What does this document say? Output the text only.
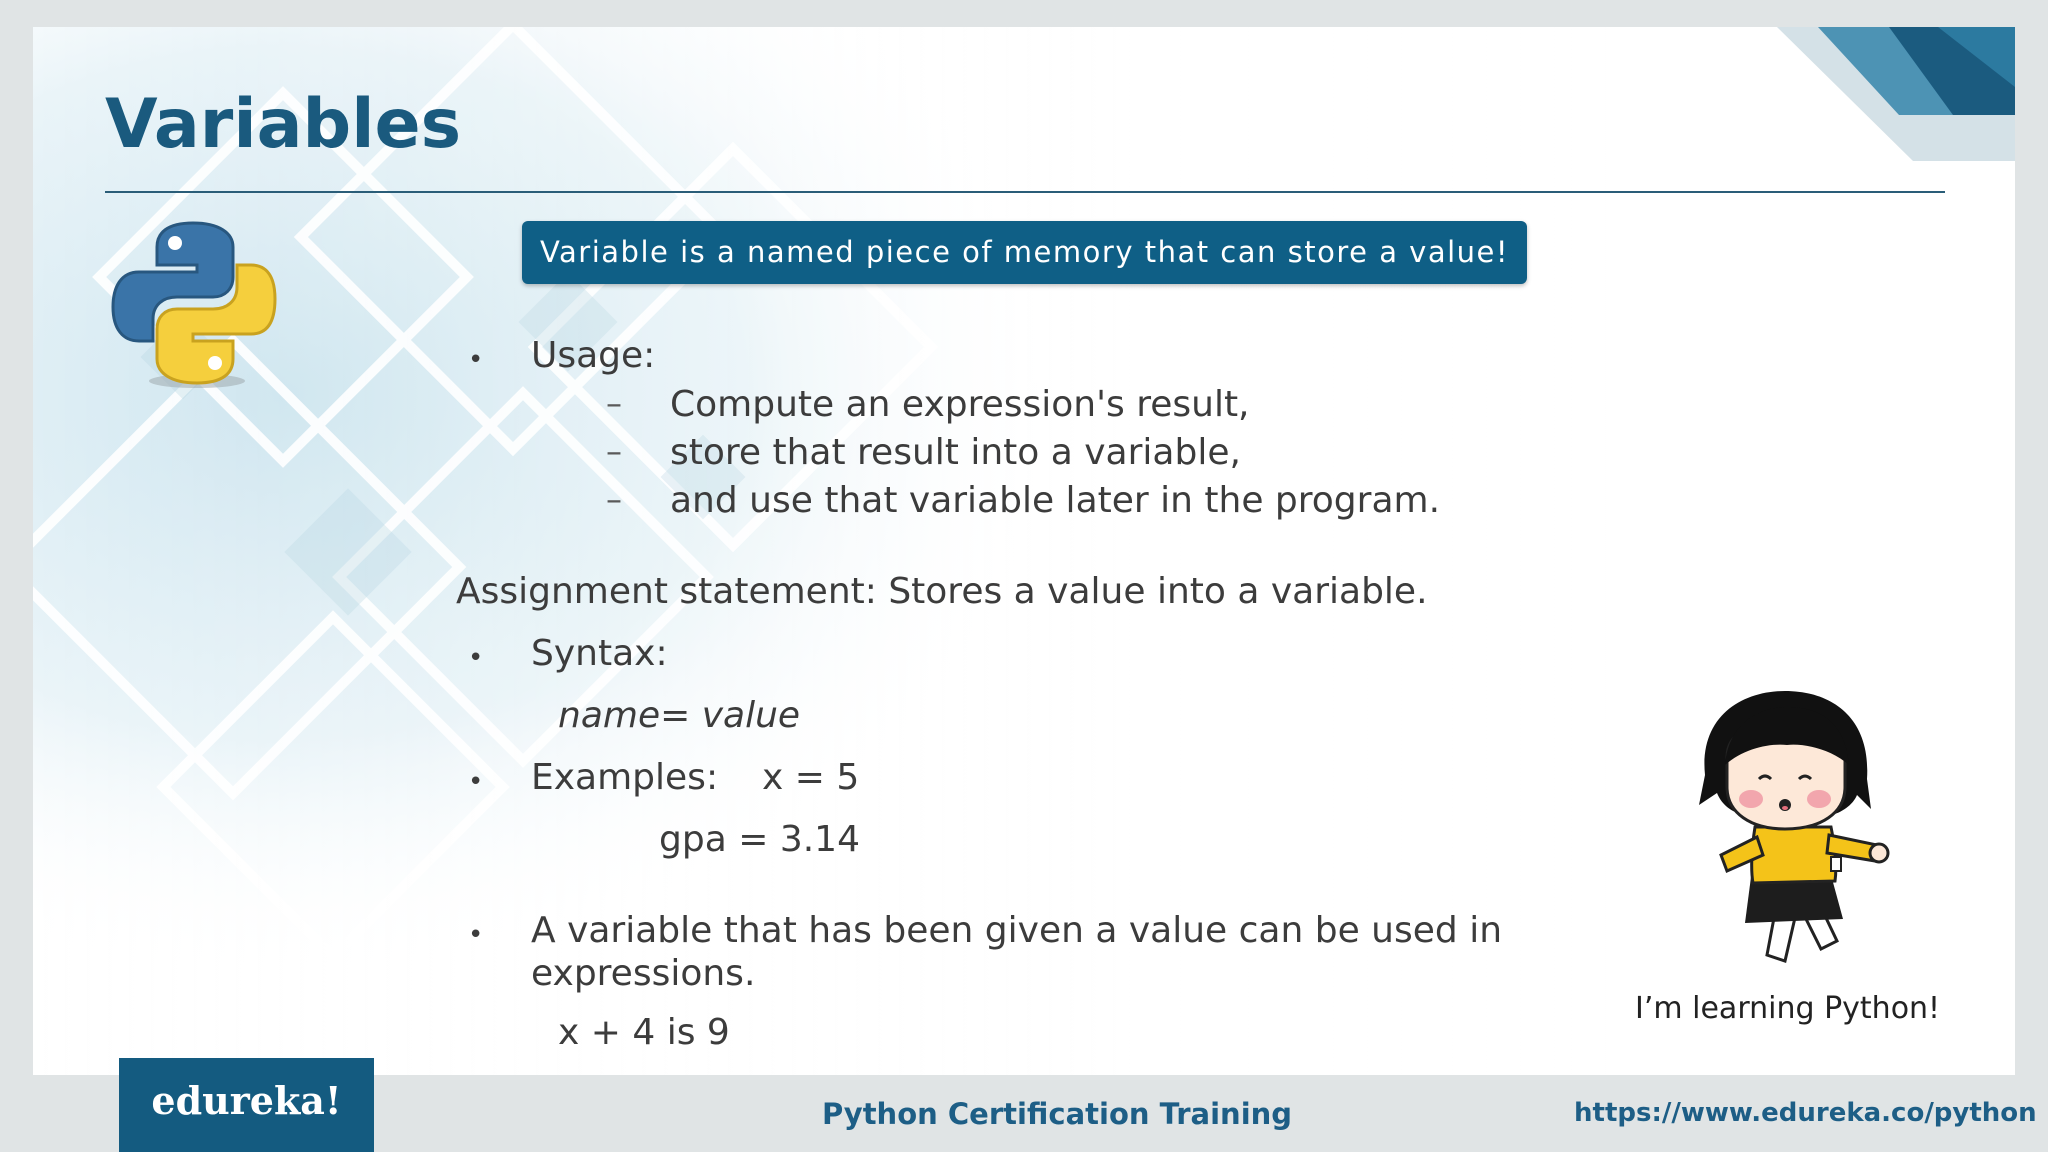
Variables
Variable is a named piece of memory that can store a value!
• Usage:
– Compute an expression's result,
– store that result into a variable,
– and use that variable later in the program.
Assignment statement: Stores a value into a variable.
• Syntax:
name= value
• Examples: x = 5
gpa = 3.14
• A variable that has been given a value can be used in
expressions.
x + 4 is 9
I’m learning Python!
edureka!	Python Certification Training	https://www.edureka.co/python
